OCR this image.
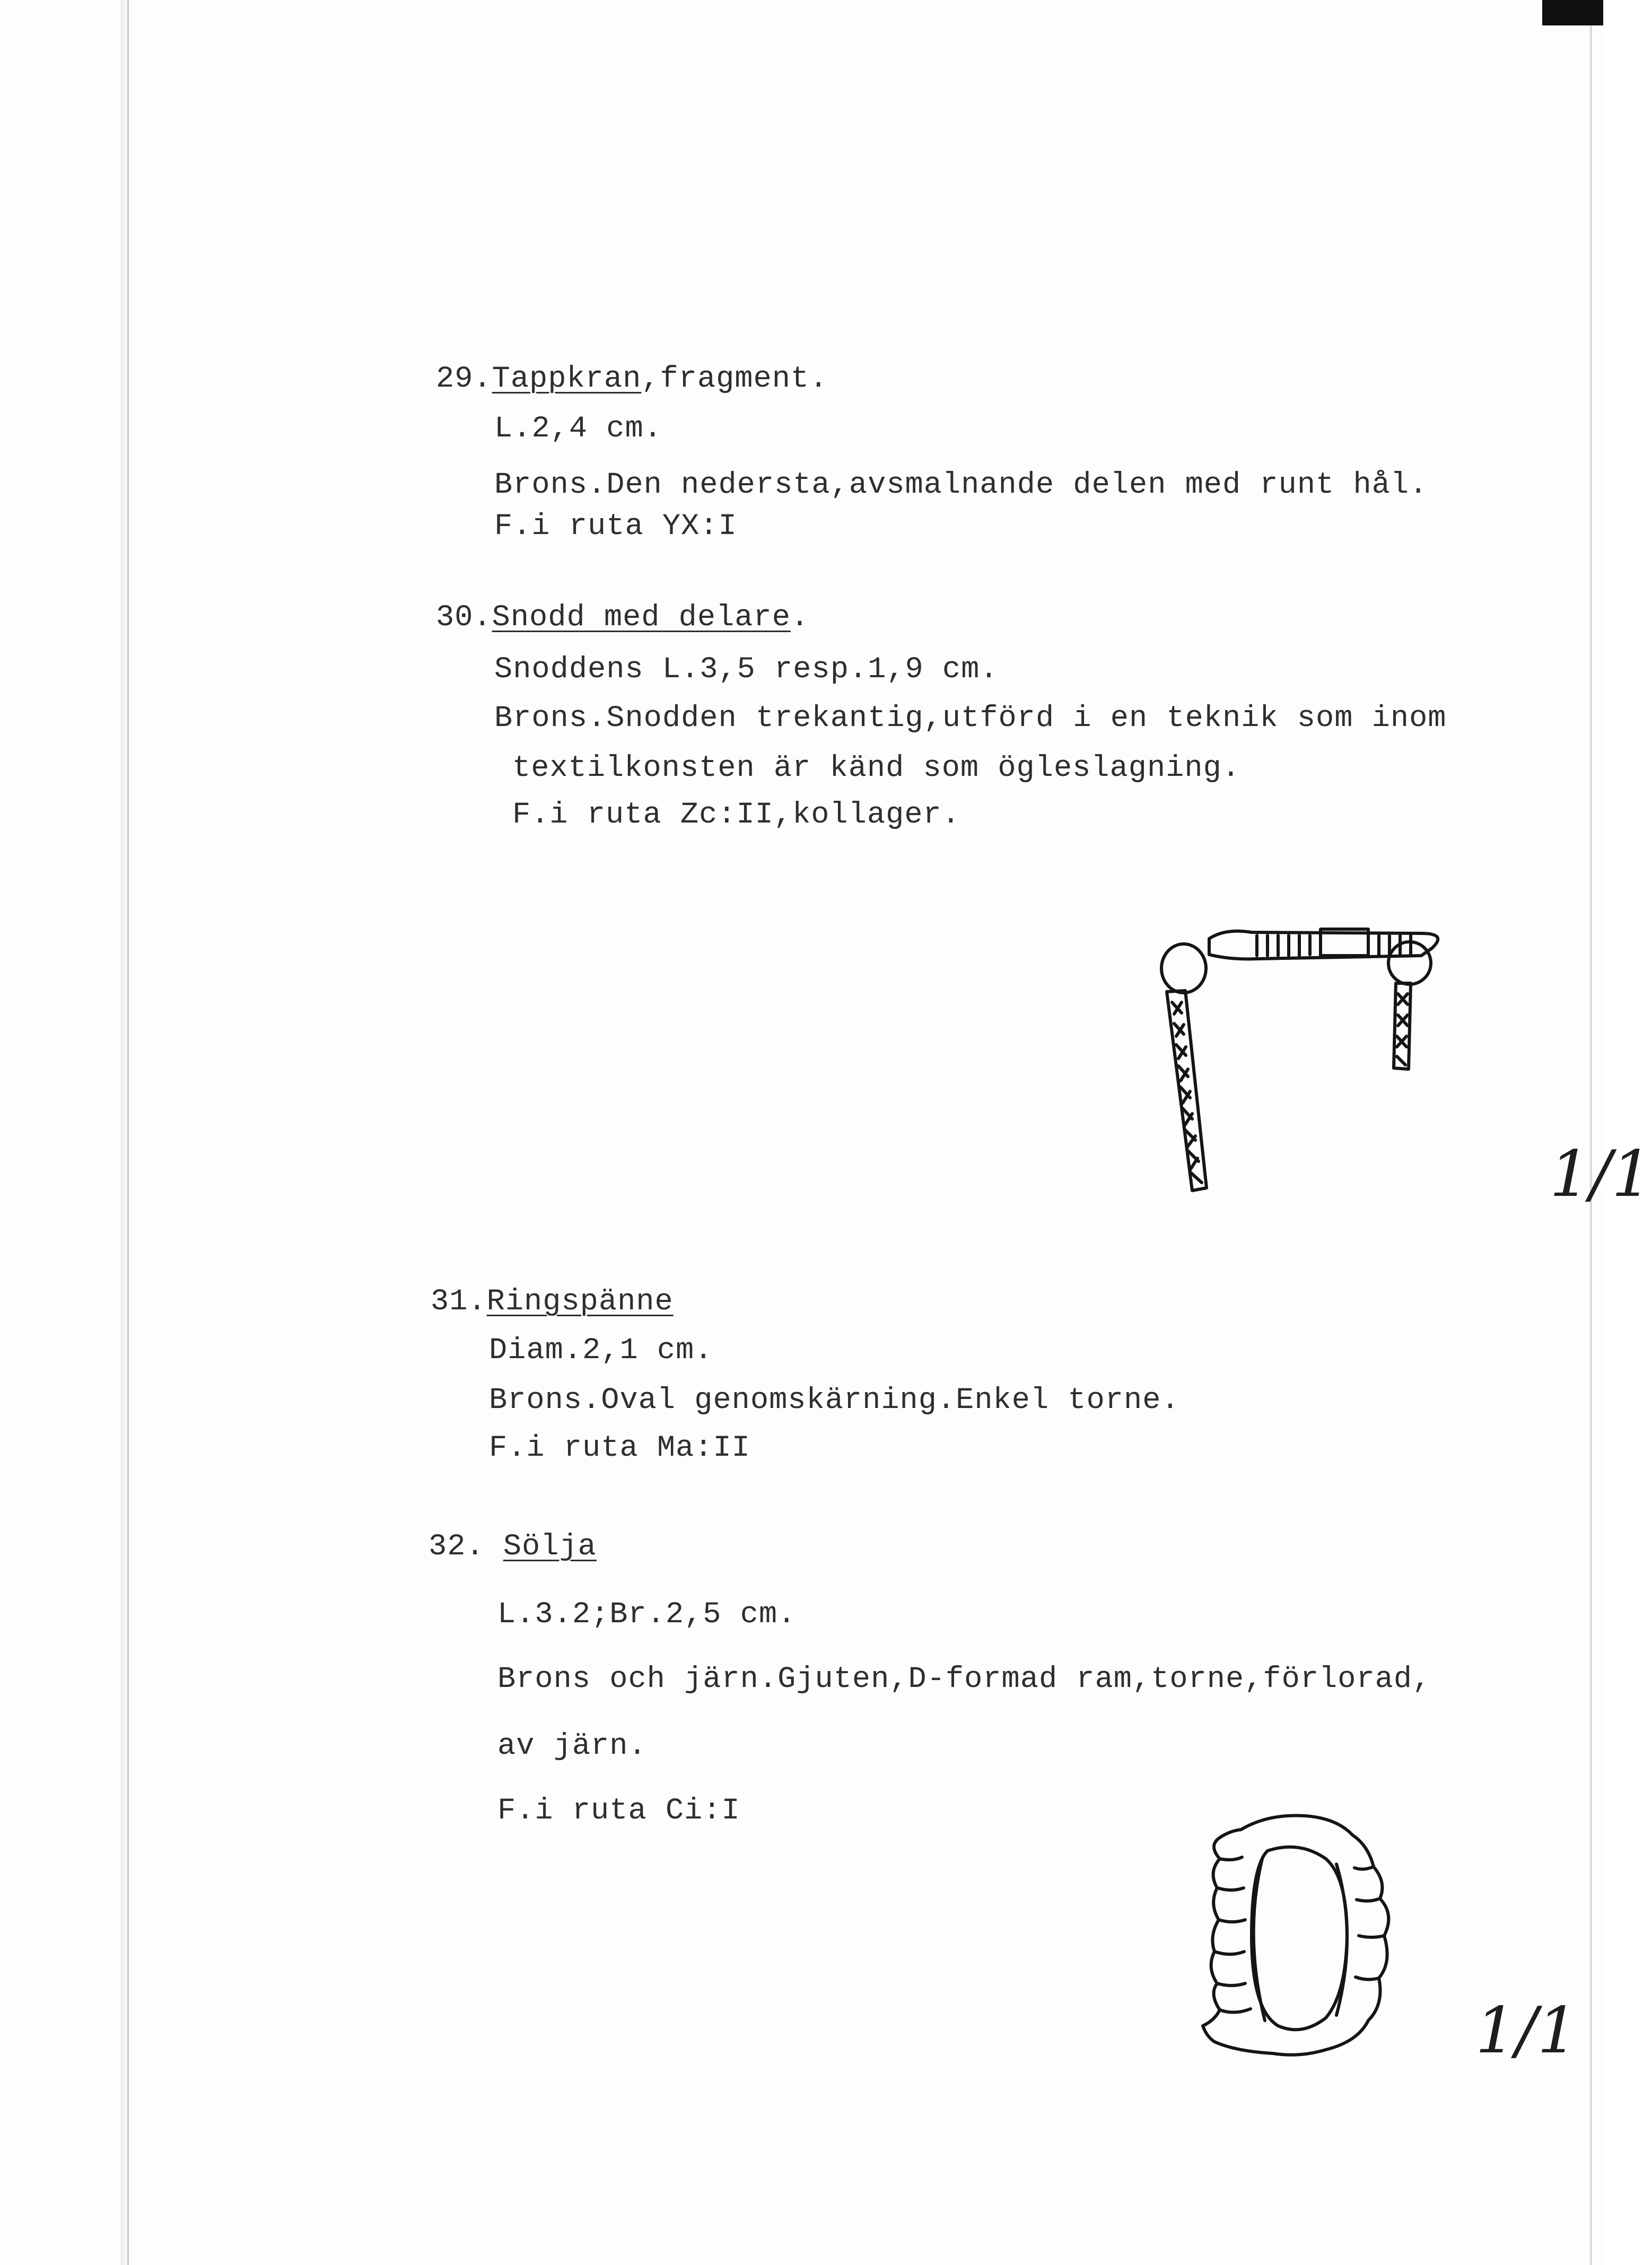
29.Tappkran,fragment.
L.2,4 cm.
Brons.Den nedersta,avsmalnande delen med runt hål.
F.i ruta YX:I
30.Snodd med delare.
Snoddens L.3,5 resp.1,9 cm.
Brons.Snodden trekantig,utförd i en teknik som inom
textilkonsten är känd som ögleslagning.
F.i ruta Zc:II,kollager.
1/1
31.Ringspänne
Diam.2,1 cm.
Brons.Oval genomskärning.Enkel torne.
F.i ruta Ma:II
32. Sölja
L.3.2;Br.2,5 cm.
Brons och järn.Gjuten,D-formad ram,torne,förlorad,
av järn.
F.i ruta Ci:I
1/1
